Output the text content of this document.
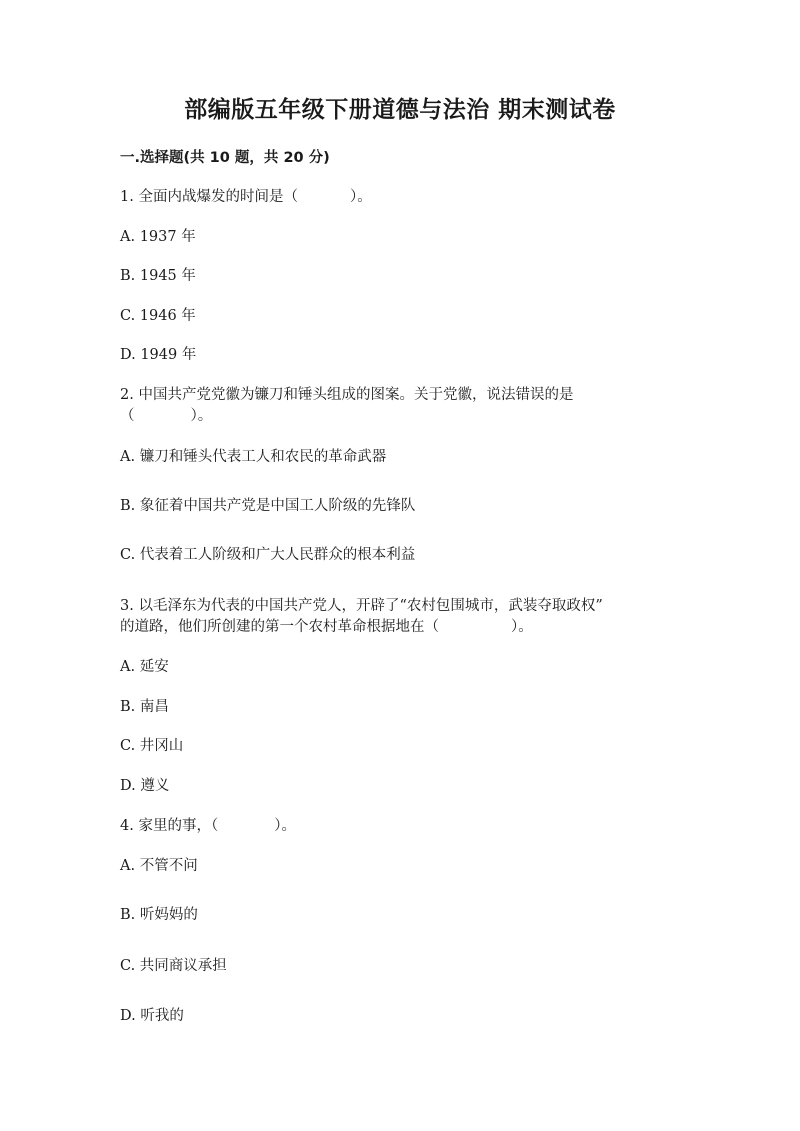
部编版五年级下册道德与法治 期末测试卷
一.选择题(共 10 题，共 20 分)
1. 全面内战爆发的时间是（	）。
A. 1937 年
B. 1945 年
C. 1946 年
D. 1949 年
2. 中国共产党党徽为镰刀和锤头组成的图案。关于党徽，说法错误的是
（	）。
A. 镰刀和锤头代表工人和农民的革命武器
B. 象征着中国共产党是中国工人阶级的先锋队
C. 代表着工人阶级和广大人民群众的根本利益
3. 以毛泽东为代表的中国共产党人，开辟了“农村包围城市，武装夺取政权”
的道路，他们所创建的第一个农村革命根据地在（	）。
A. 延安
B. 南昌
C. 井冈山
D. 遵义
4. 家里的事，（	）。
A. 不管不问
B. 听妈妈的
C. 共同商议承担
D. 听我的
